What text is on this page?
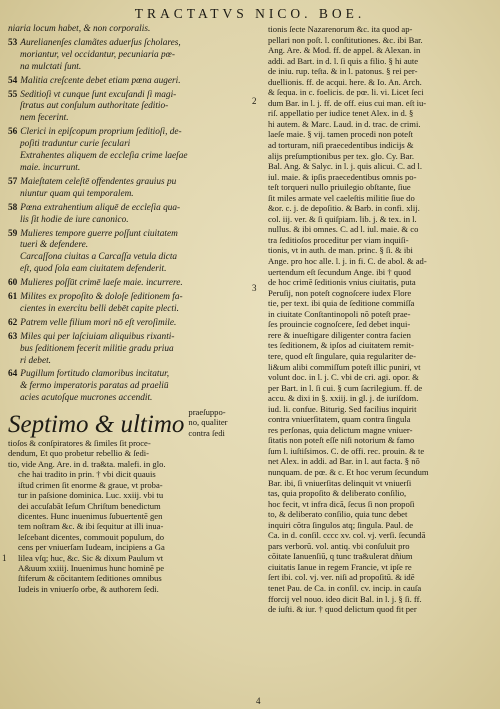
TRACTATVS NICO. BOE.
niaria locum habet, & non corporalis.
53 Aurelianenſes clamãtes aduerſus ſcholares,
moriantur, vel occidantur, pecuniaria pœ-
na mulctati ſunt.
54 Malitia creſcente debet etiam pœna augeri.
55 Seditioſi vt cunque ſunt excuſandi ſi magi-
ſtratus aut conſulum authoritate ſeditio-
nem fecerint.
56 Clerici in epiſcopum proprium ſeditioſi, de-
poſiti traduntur curie ſeculari
Extrahentes aliquem de eccleſia crime laeſae
maie. incurrunt.
57 Maieſtatem celeſtē offendentes grauius pu
niuntur quam qui temporalem.
58 Pœna extrahentium aliquē de eccleſia qua-
lis ſit hodie de iure canonico.
59 Mulieres tempore guerre poſſunt ciuitatem
tueri & defendere.
Carcaſſona ciuitas a Carcaſſa vetula dicta
eſt, quod ſola eam ciuitatem defenderit.
60 Mulieres poſſūt crimē laeſe maie. incurrere.
61 Milites ex propoſito & doloſe ſeditionem fa-
cientes in exercitu belli debēt capite plecti.
62 Patrem velle filium mori nō eſt veroſimile.
63 Miles qui per laſciuiam aliquibus rixanti-
bus ſeditionem fecerit militie gradu priua
ri debet.
64 Pugillum fortitudo clamoribus incitatur,
& fermo imperatoris paratas ad praeliū
acies acutoſque mucrones accendit.
Septimo & ultimo praeſuppo-
no, qualiter
contra ſedi
tioſos & conſpiratores & ſimiles ſit proce-
dendum, Et quo probetur rebellio & ſedi-
tio, vide Ang. Are. in d. tra&ta. malefi. in glo.
che hai tradito in prin. † vbi dicit quauis
iſtud crimen ſit enorme & graue, vt proba-
tur in paſsione dominica. Luc. xxiij. vbi tu
dei accuſabāt Ieſum Chriſtum benedictum
dicentes. Hunc inuenimus ſubuertentē gen
tem noſtram &c. & ibi ſequitur at illi inua-
leſcebant dicentes, commouit populum, do
cens per vniuerſam Iudeam, incipiens a Ga
lilea vſq; huc, &c. Sic & dixum Paulum vt
A&uum xxiiij. Inuenimus hunc hominē pe
ſtiferum & cōcitantem ſeditiones omnibus
Iudeis in vniuerſo orbe, & authorem ſedi.
1
tionis ſecte Nazarenorum &c. ita quod ap-
pellari non poſt. l. conſtitutiones. &c. ibi Bar.
Ang. Are. & Mod. ff. de appel. & Alexan. in
addi. ad Bart. in d. l. ſi quis a filio. § hi aute
de iniu. rup. teſta. & in l. patonus. § rei per-
duellionis. ff. de acqui. here. & Io. An. Arch.
& ſequa. in c. foelicis. de pœ. li. vi. Licet ſeci
dum Bar. in l. j. ff. de off. eius cui man. eſt iu-
riſ. appellatio per iudice tenet Alex. in d. §
hi autem. & Marc. Laud. in d. trac. de crimi.
laeſe maie. § vij. tamen procedi non poteſt
ad torturam, niſi praecedentibus indicijs &
alijs preſumptionibus per tex. glo. Cy. Bar.
Bal. Ang. & Salyc. in l. j. quis alicui. C. ad l.
iul. maie. & ipſis praecedentibus omnis po-
teſt torqueri nullo priuilegio obſtante, ſiue
ſit miles armate vel caeleſtis militie ſiue do
&or. c. j. de depoſitio. & Barb. in confi. xlij.
col. iij. ver. & ſi quiſpiam. lib. j. & tex. in l.
nullus. & ibi omnes. C. ad l. iul. maie. & co
tra ſeditioſos proceditur per viam inquiſi-
tionis, vt in auth. de man. princ. § ſi. & ibi
Ange. pro hoc alle. l. j. in fi. C. de abol. & ad-
uertendum eſt ſecundum Ange. ibi † quod
de hoc crimē ſeditionis vnius ciuitatis, puta
Peruſij, non poteſt cognoſcere iudex Flore
tie, per text. ibi quia de ſeditione commiſſa
in ciuitate Conſtantinopoli nō poteſt prae-
ſes prouincie cognoſcere, ſed debet inqui-
rere & inueſtigare diligenter contra facien
tes ſeditionem, & ipſos ad ciuitatem remit-
tere, quod eſt ſingulare, quia regulariter de-
li&um alibi commiſſum poteſt illic puniri, vt
volunt doc. in l. j. C. vbi de cri. agi. opor. &
per Bart. in l. ſi cui. § cum ſacrilegium. ff. de
accu. & dixi in §. xxiij. in gl. j. de iuriſdom.
iud. li. confue. Biturig. Sed facilius inquirit
contra vniuerſitatem, quam contra ſingula
res perſonas, quia delictum magne vniuer-
ſitatis non poteſt eſſe niſi notorium & famo
ſum l. iuſtiſsimos. C. de offi. rec. prouin. & te
net Alex. in addi. ad Bar. in l. aut facta. § nō
nunquam. de pœ. & c. Et hoc verum ſecundum
Bar. ibi, ſi vniuerſitas delinquit vt vniuerſi
tas, quia propoſito & deliberato conſilio,
hoc fecit, vt infra dicā, ſecus ſi non propoſi
to, & deliberato conſilio, quia tunc debet
inquiri cōtra ſingulos atq; ſingula. Paul. de
Ca. in d. conſil. cccc xv. col. vj. verſi. ſecundā
pars verborū. vol. antiq. vbi conſuluit pro
cōitate Ianuenſiū, q tunc tra&ulerat dñium
ciuitatis Ianue in regem Francie, vt ipſe re
ſert ibi. col. vj. ver. niſi ad propoſitū. & idē
tenet Pau. de Ca. in conſil. cv. incip. in cauſa
fforcij vel nouo. ideo dicit Bal. in l. j. § ſi. ff.
de iuſti. & iur. † quod delictum quod fit per
2
3
4
